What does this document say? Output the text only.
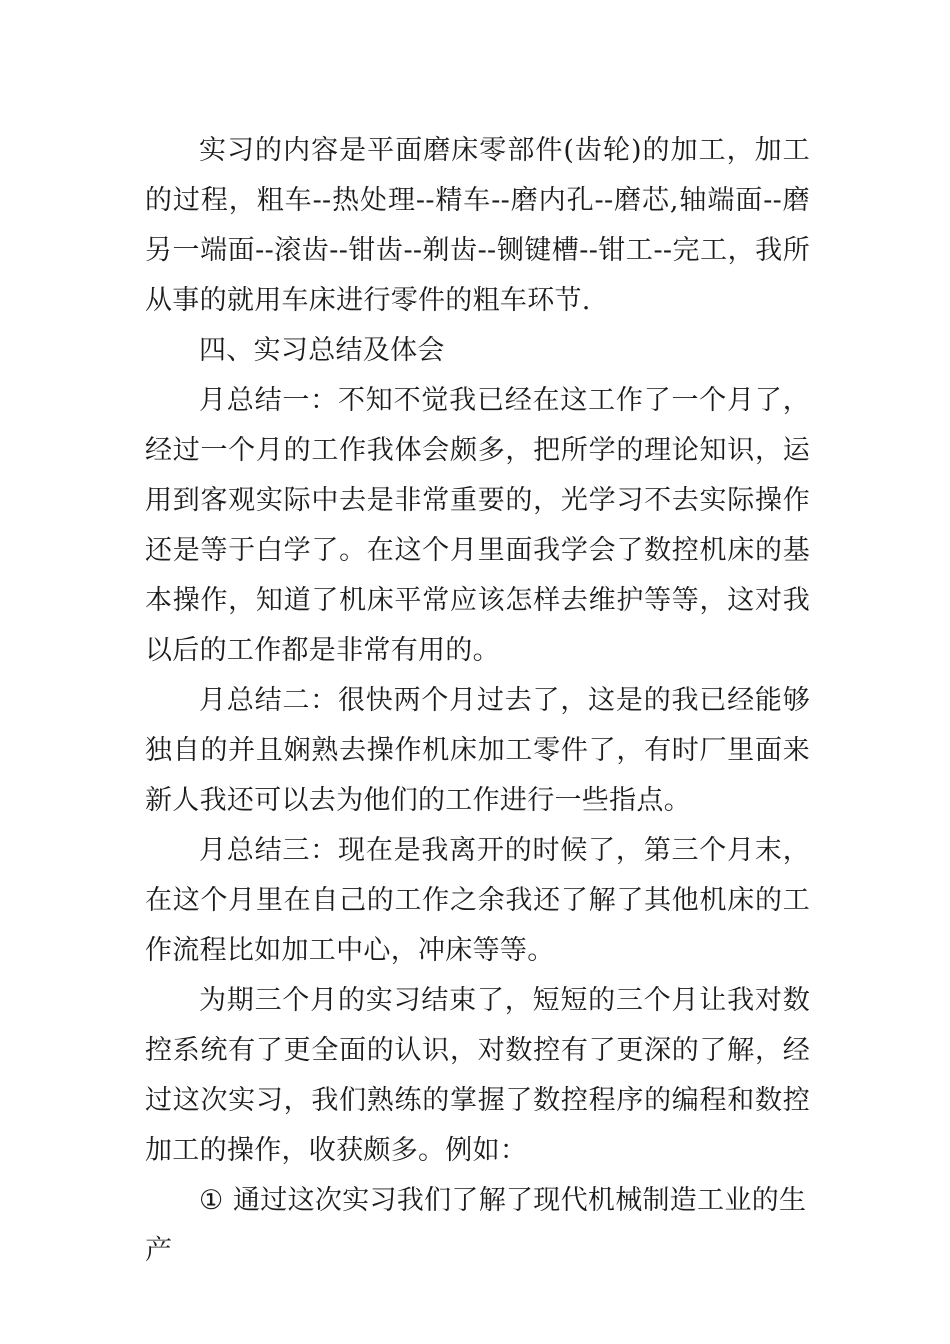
实习的内容是平面磨床零部件(齿轮)的加工，加工的过程，粗车--热处理--精车--磨内孔--磨芯,轴端面--磨另一端面--滚齿--钳齿--剃齿--铡键槽--钳工--完工，我所从事的就用车床进行零件的粗车环节.

四、实习总结及体会

月总结一：不知不觉我已经在这工作了一个月了，经过一个月的工作我体会颇多，把所学的理论知识，运用到客观实际中去是非常重要的，光学习不去实际操作还是等于白学了。在这个月里面我学会了数控机床的基本操作，知道了机床平常应该怎样去维护等等，这对我以后的工作都是非常有用的。

月总结二：很快两个月过去了，这是的我已经能够独自的并且娴熟去操作机床加工零件了，有时厂里面来新人我还可以去为他们的工作进行一些指点。

月总结三：现在是我离开的时候了，第三个月末，在这个月里在自己的工作之余我还了解了其他机床的工作流程比如加工中心，冲床等等。

为期三个月的实习结束了，短短的三个月让我对数控系统有了更全面的认识，对数控有了更深的了解，经过这次实习，我们熟练的掌握了数控程序的编程和数控加工的操作，收获颇多。例如：

① 通过这次实习我们了解了现代机械制造工业的生产
